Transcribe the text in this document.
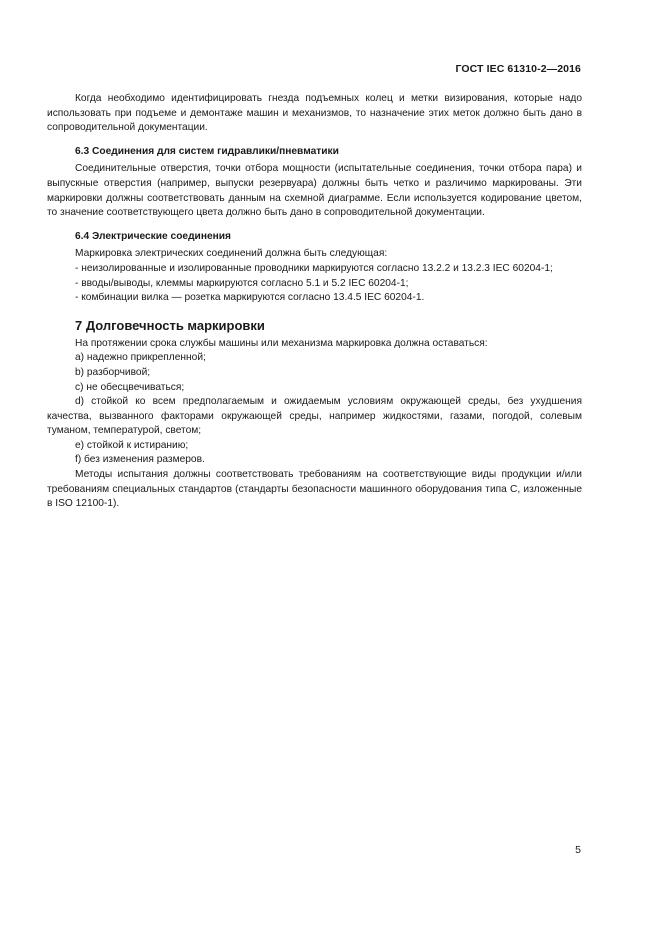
ГОСТ IEC 61310-2—2016

Когда необходимо идентифицировать гнезда подъемных колец и метки визирования, которые надо использовать при подъеме и демонтаже машин и механизмов, то назначение этих меток должно быть дано в сопроводительной документации.

6.3 Соединения для систем гидравлики/пневматики

Соединительные отверстия, точки отбора мощности (испытательные соединения, точки отбора пара) и выпускные отверстия (например, выпуски резервуара) должны быть четко и различимо маркированы. Эти маркировки должны соответствовать данным на схемной диаграмме. Если используется кодирование цветом, то значение соответствующего цвета должно быть дано в сопроводительной документации.

6.4 Электрические соединения

Маркировка электрических соединений должна быть следующая:

- неизолированные и изолированные проводники маркируются согласно 13.2.2 и 13.2.3 IEC 60204-1;

- вводы/выводы, клеммы маркируются согласно 5.1 и 5.2 IEC 60204-1;

- комбинации вилка — розетка маркируются согласно 13.4.5 IEC 60204-1.

7 Долговечность маркировки

На протяжении срока службы машины или механизма маркировка должна оставаться:

а) надежно прикрепленной;

b) разборчивой;

с) не обесцвечиваться;

d) стойкой ко всем предполагаемым и ожидаемым условиям окружающей среды, без ухудшения качества, вызванного факторами окружающей среды, например жидкостями, газами, погодой, солевым туманом, температурой, светом;

е) стойкой к истиранию;

f) без изменения размеров.

Методы испытания должны соответствовать требованиям на соответствующие виды продукции и/или требованиям специальных стандартов (стандарты безопасности машинного оборудования типа С, изложенные в ISO 12100-1).

5
